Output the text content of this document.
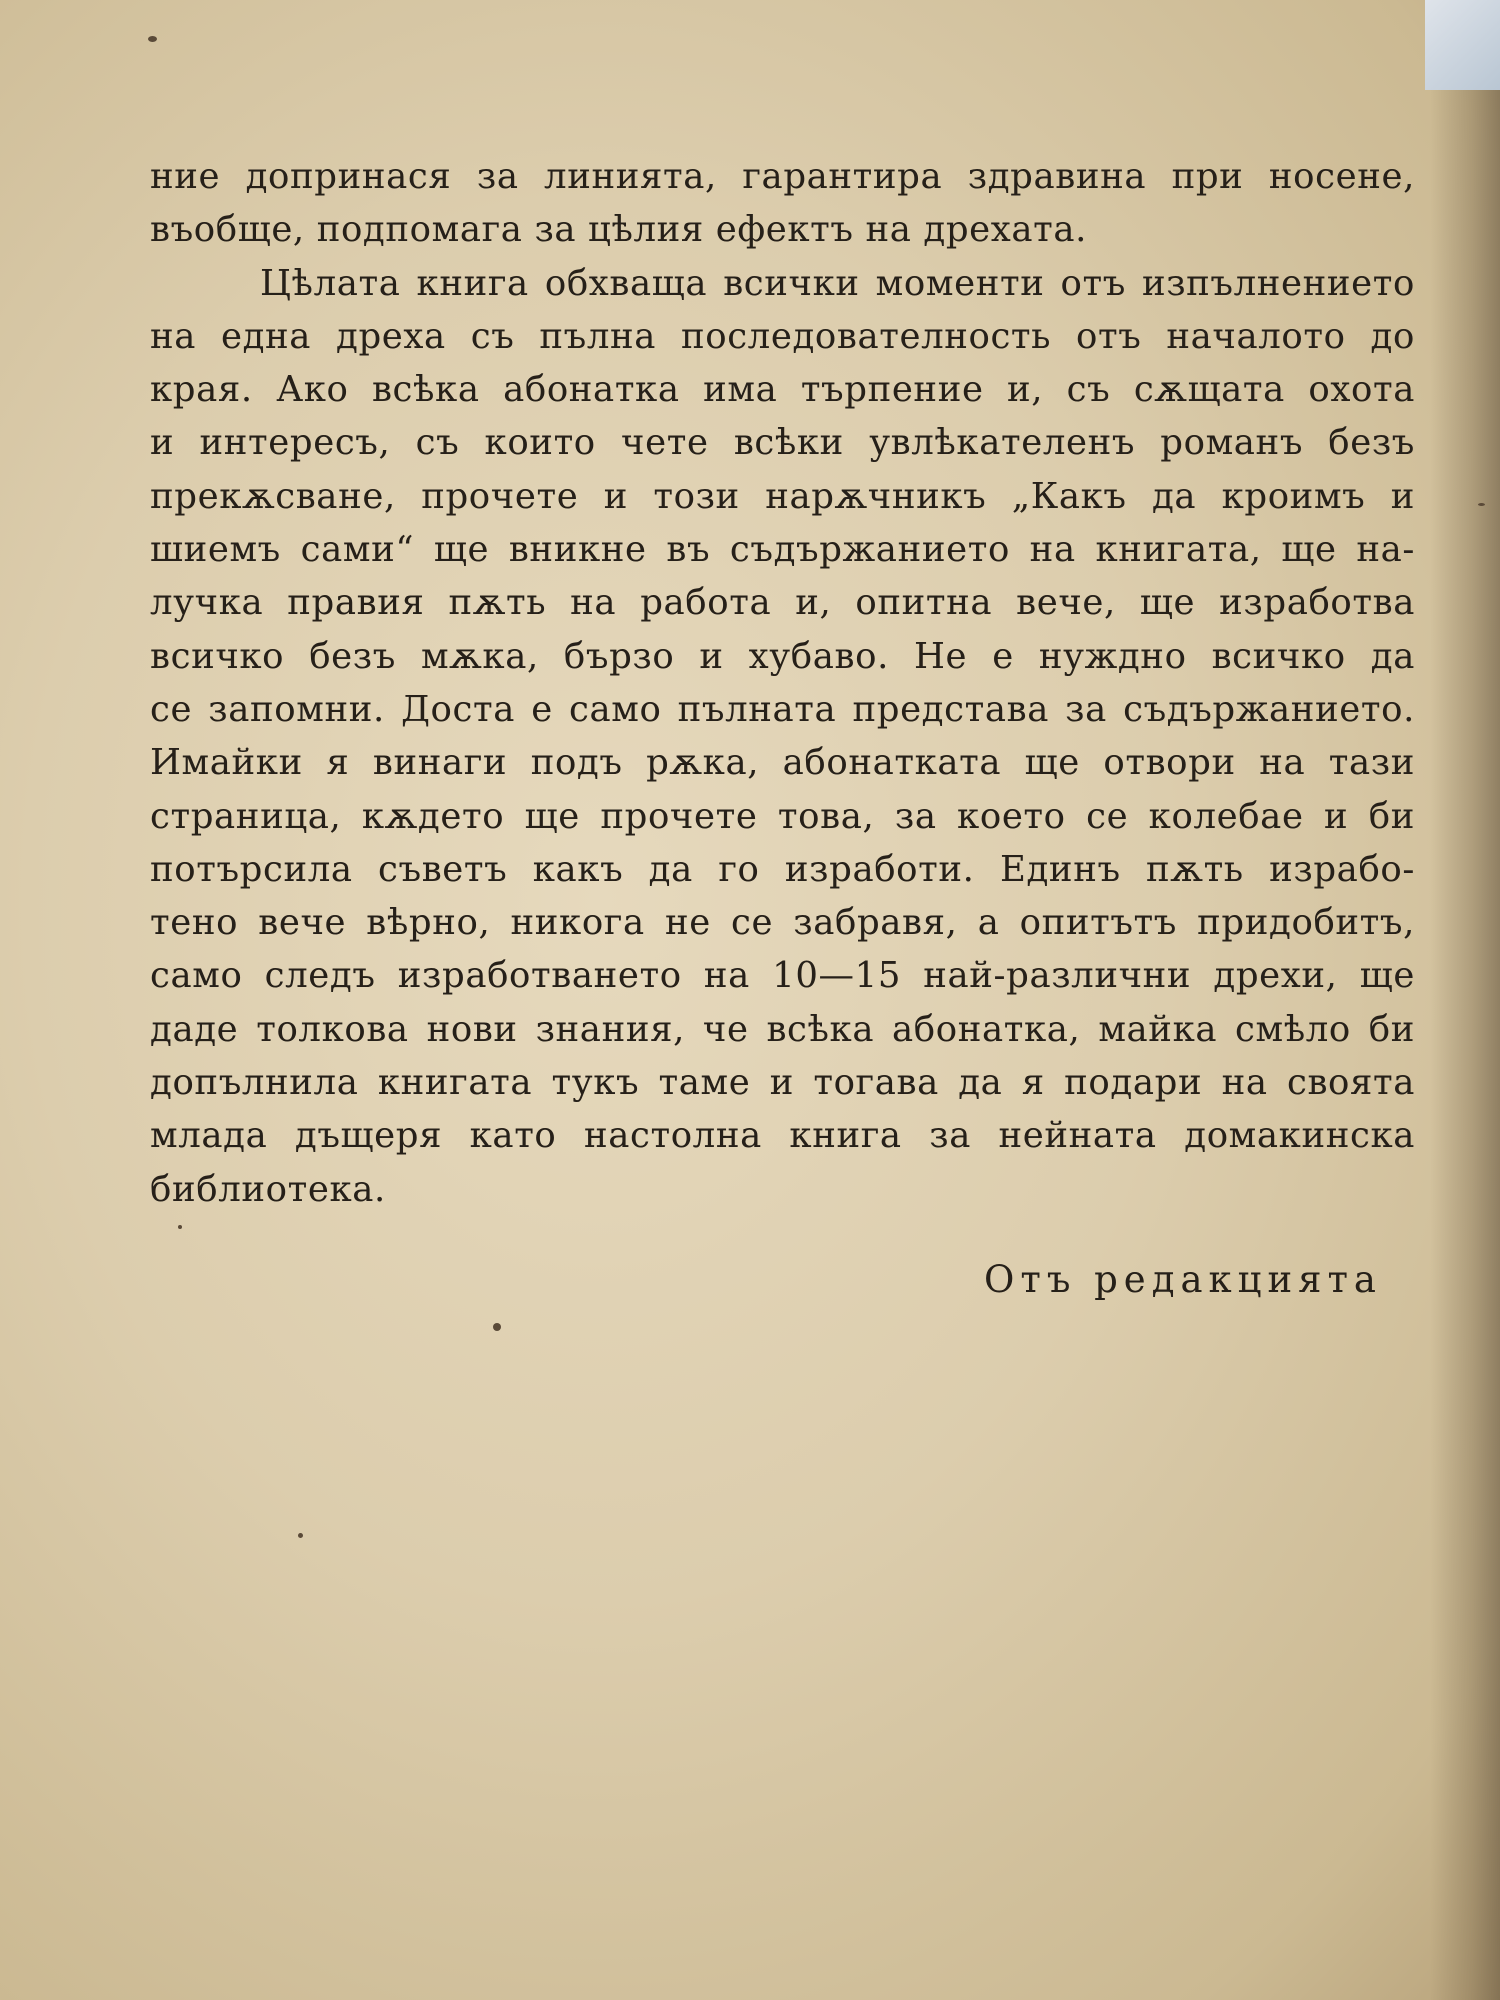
ние допринася за линията, гарантира здравина при носене,
въобще, подпомага за цѣлия ефектъ на дрехата.
Цѣлата книга обхваща всички моменти отъ изпълнението
на една дреха съ пълна последователность отъ началото до
края. Ако всѣка абонатка има търпение и, съ сѫщата охота
и интересъ, съ които чете всѣки увлѣкателенъ романъ безъ
прекѫсване, прочете и този нарѫчникъ „Какъ да кроимъ и
шиемъ сами“ ще вникне въ съдържанието на книгата, ще на-
лучка правия пѫть на работа и, опитна вече, ще изработва
всичко безъ мѫка, бързо и хубаво. Не е нуждно всичко да
се запомни. Доста е само пълната представа за съдържанието.
Имайки я винаги подъ рѫка, абонатката ще отвори на тази
страница, кѫдето ще прочете това, за което се колебае и би
потърсила съветъ какъ да го изработи. Единъ пѫть израбо-
тено вече вѣрно, никога не се забравя, а опитътъ придобитъ,
само следъ изработването на 10—15 най-различни дрехи, ще
даде толкова нови знания, че всѣка абонатка, майка смѣло би
допълнила книгата тукъ таме и тогава да я подари на своята
млада дъщеря като настолна книга за нейната домакинска
библиотека.
Отъ редакцията
